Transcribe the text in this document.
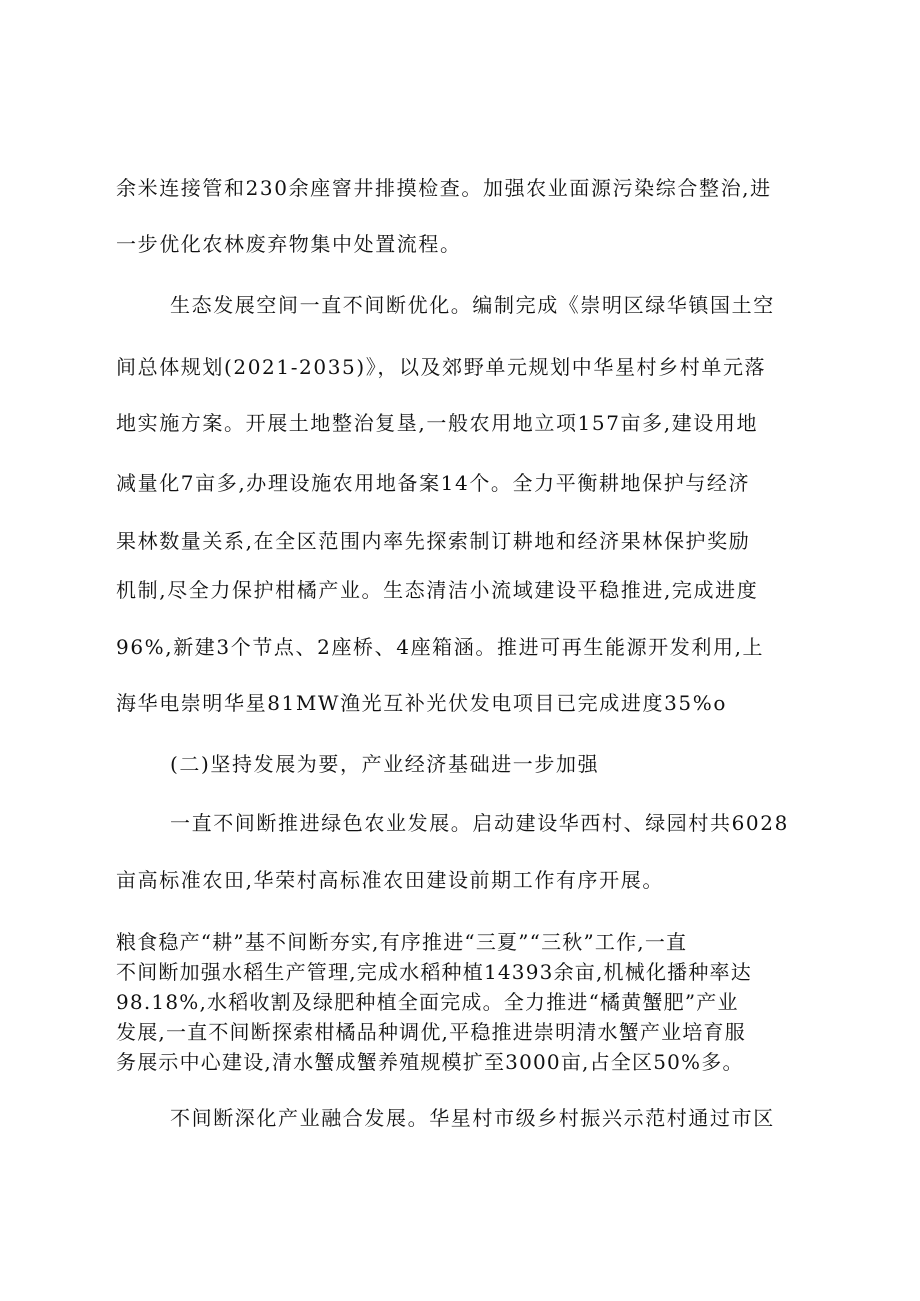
余米连接管和230余座窨井排摸检查。加强农业面源污染综合整治,进
一步优化农林废弃物集中处置流程。
生态发展空间一直不间断优化。编制完成《崇明区绿华镇国土空
间总体规划(2021-2035)》，以及郊野单元规划中华星村乡村单元落
地实施方案。开展土地整治复垦,一般农用地立项157亩多,建设用地
减量化7亩多,办理设施农用地备案14个。全力平衡耕地保护与经济
果林数量关系,在全区范围内率先探索制订耕地和经济果林保护奖励
机制,尽全力保护柑橘产业。生态清洁小流域建设平稳推进,完成进度
96%,新建3个节点、2座桥、4座箱涵。推进可再生能源开发利用,上
海华电崇明华星81MW渔光互补光伏发电项目已完成进度35%o
(二)坚持发展为要，产业经济基础进一步加强
一直不间断推进绿色农业发展。启动建设华西村、绿园村共6028
亩高标准农田,华荣村高标准农田建设前期工作有序开展。
粮食稳产“耕”基不间断夯实,有序推进“三夏”“三秋”工作,一直
不间断加强水稻生产管理,完成水稻种植14393余亩,机械化播种率达
98.18%,水稻收割及绿肥种植全面完成。全力推进“橘黄蟹肥”产业
发展,一直不间断探索柑橘品种调优,平稳推进崇明清水蟹产业培育服
务展示中心建设,清水蟹成蟹养殖规模扩至3000亩,占全区50%多。
不间断深化产业融合发展。华星村市级乡村振兴示范村通过市区
